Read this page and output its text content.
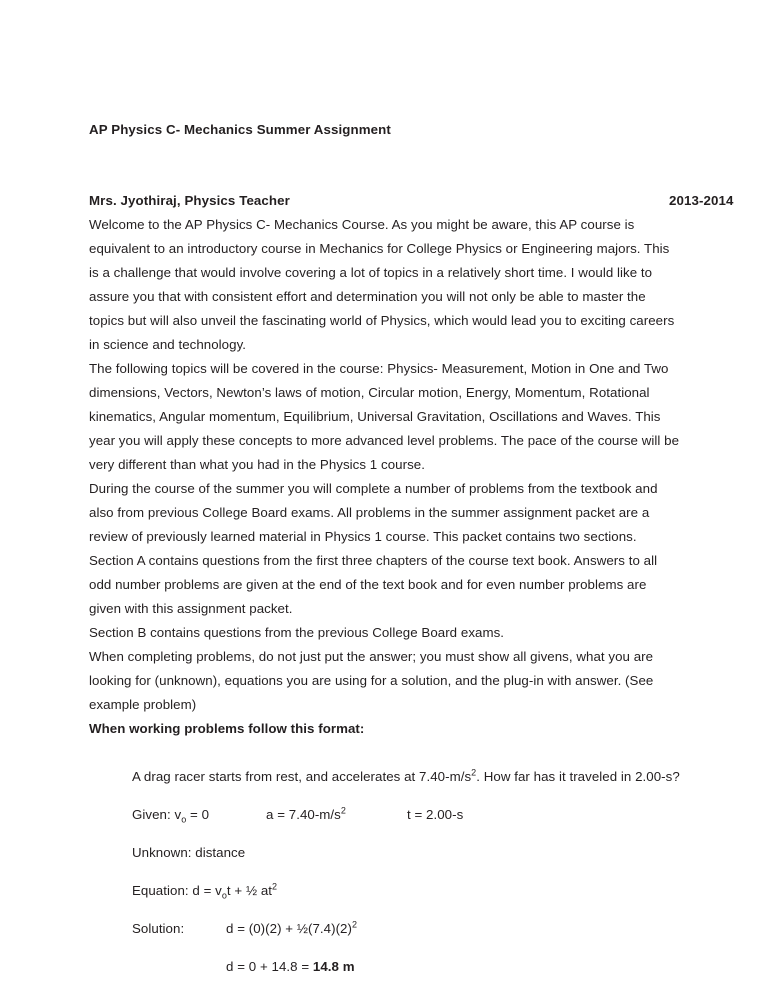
AP Physics C- Mechanics Summer Assignment

Mrs. Jyothiraj, Physics Teacher	2013-2014

Welcome to the AP Physics C- Mechanics Course. As you might be aware, this AP course is equivalent to an introductory course in Mechanics for College Physics or Engineering majors. This is a challenge that would involve covering a lot of topics in a relatively short time. I would like to assure you that with consistent effort and determination you will not only be able to master the topics but will also unveil the fascinating world of Physics, which would lead you to exciting careers in science and technology.

The following topics will be covered in the course: Physics- Measurement, Motion in One and Two dimensions, Vectors, Newton’s laws of motion, Circular motion, Energy, Momentum, Rotational kinematics, Angular momentum, Equilibrium, Universal Gravitation, Oscillations and Waves. This year you will apply these concepts to more advanced level problems. The pace of the course will be very different than what you had in the Physics 1 course.

During the course of the summer you will complete a number of problems from the textbook and also from previous College Board exams. All problems in the summer assignment packet are a review of previously learned material in Physics 1 course. This packet contains two sections. Section A contains questions from the first three chapters of the course text book. Answers to all odd number problems are given at the end of the text book and for even number problems are given with this assignment packet.

Section B contains questions from the previous College Board exams.

When completing problems, do not just put the answer; you must show all givens, what you are looking for (unknown), equations you are using for a solution, and the plug-in with answer. (See example problem)

When working problems follow this format:

A drag racer starts from rest, and accelerates at $7.40-m/s^2$. How far has it traveled in 2.00-s?

Given: $v_o = 0$	$a = 7.40-m/s^2$	t = 2.00-s
Unknown: distance
Equation: $d = v_ot$ + ½ $at^2$
Solution:	$d = (0)(2) + \frac{1}{2}(7.4)(2)^2$
d = 0 + 14.8 = 14.8 m
